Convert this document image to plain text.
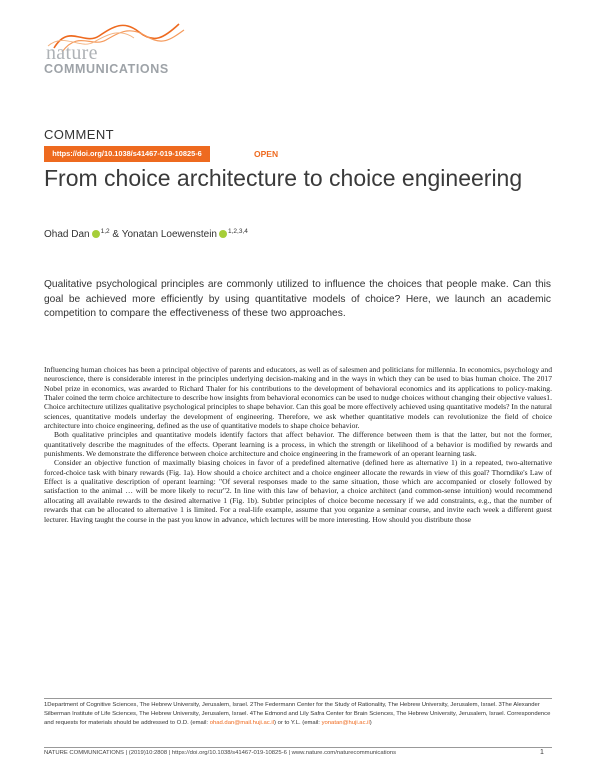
nature
COMMUNICATIONS
COMMENT
https://doi.org/10.1038/s41467-019-10825-6	OPEN
From choice architecture to choice engineering
Ohad Dan $^{1,2}$ & Yonatan Loewenstein $^{1,2,3,4}$

Qualitative psychological principles are commonly utilized to influence the choices that people make. Can this goal be achieved more efficiently by using quantitative models of choice? Here, we launch an academic competition to compare the effectiveness of these two approaches.

Influencing human choices has been a principal objective of parents and educators, as well as of salesmen and politicians for millennia. In economics, psychology and neuroscience, there is considerable interest in the principles underlying decision-making and in the ways in which they can be used to bias human choice. The 2017 Nobel prize in economics, was awarded to Richard Thaler for his contributions to the development of behavioral economics and its applications to policy-making. Thaler coined the term choice architecture to describe how insights from behavioral economics can be used to nudge choices without changing their objective values1. Choice architecture utilizes qualitative psychological principles to shape behavior. Can this goal be more effectively achieved using quantitative models? In the natural sciences, quantitative models underlay the development of engineering. Therefore, we ask whether quantitative models can revolutionize the field of choice architecture into choice engineering, defined as the use of quantitative models to shape choice behavior.

Both qualitative principles and quantitative models identify factors that affect behavior. The difference between them is that the latter, but not the former, quantitatively describe the magnitudes of the effects. Operant learning is a process, in which the strength or likelihood of a behavior is modified by rewards and punishments. We demonstrate the difference between choice architecture and choice engineering in the framework of an operant learning task.

Consider an objective function of maximally biasing choices in favor of a predefined alternative (defined here as alternative 1) in a repeated, two-alternative forced-choice task with binary rewards (Fig. 1a). How should a choice architect and a choice engineer allocate the rewards in view of this goal? Thorndike's Law of Effect is a qualitative description of operant learning: "Of several responses made to the same situation, those which are accompanied or closely followed by satisfaction to the animal … will be more likely to recur"2. In line with this law of behavior, a choice architect (and common-sense intuition) would recommend allocating all available rewards to the desired alternative 1 (Fig. 1b). Subtler principles of choice become necessary if we add constraints, e.g., that the number of rewards that can be allocated to alternative 1 is limited. For a real-life example, assume that you organize a seminar course, and invite each week a different guest lecturer. Having taught the course in the past you know in advance, which lectures will be more interesting. How should you distribute those

1Department of Cognitive Sciences, The Hebrew University, Jerusalem, Israel. 2The Federmann Center for the Study of Rationality, The Hebrew University, Jerusalem, Israel. 3The Alexander Silberman Institute of Life Sciences, The Hebrew University, Jerusalem, Israel. 4The Edmond and Lily Safra Center for Brain Sciences, The Hebrew University, Jerusalem, Israel. Correspondence and requests for materials should be addressed to O.D. (email: ohad.dan@mail.huji.ac.il) or to Y.L. (email: yonatan@huji.ac.il)

NATURE COMMUNICATIONS | (2019)10:2808 | https://doi.org/10.1038/s41467-019-10825-6 | www.nature.com/naturecommunications	1
